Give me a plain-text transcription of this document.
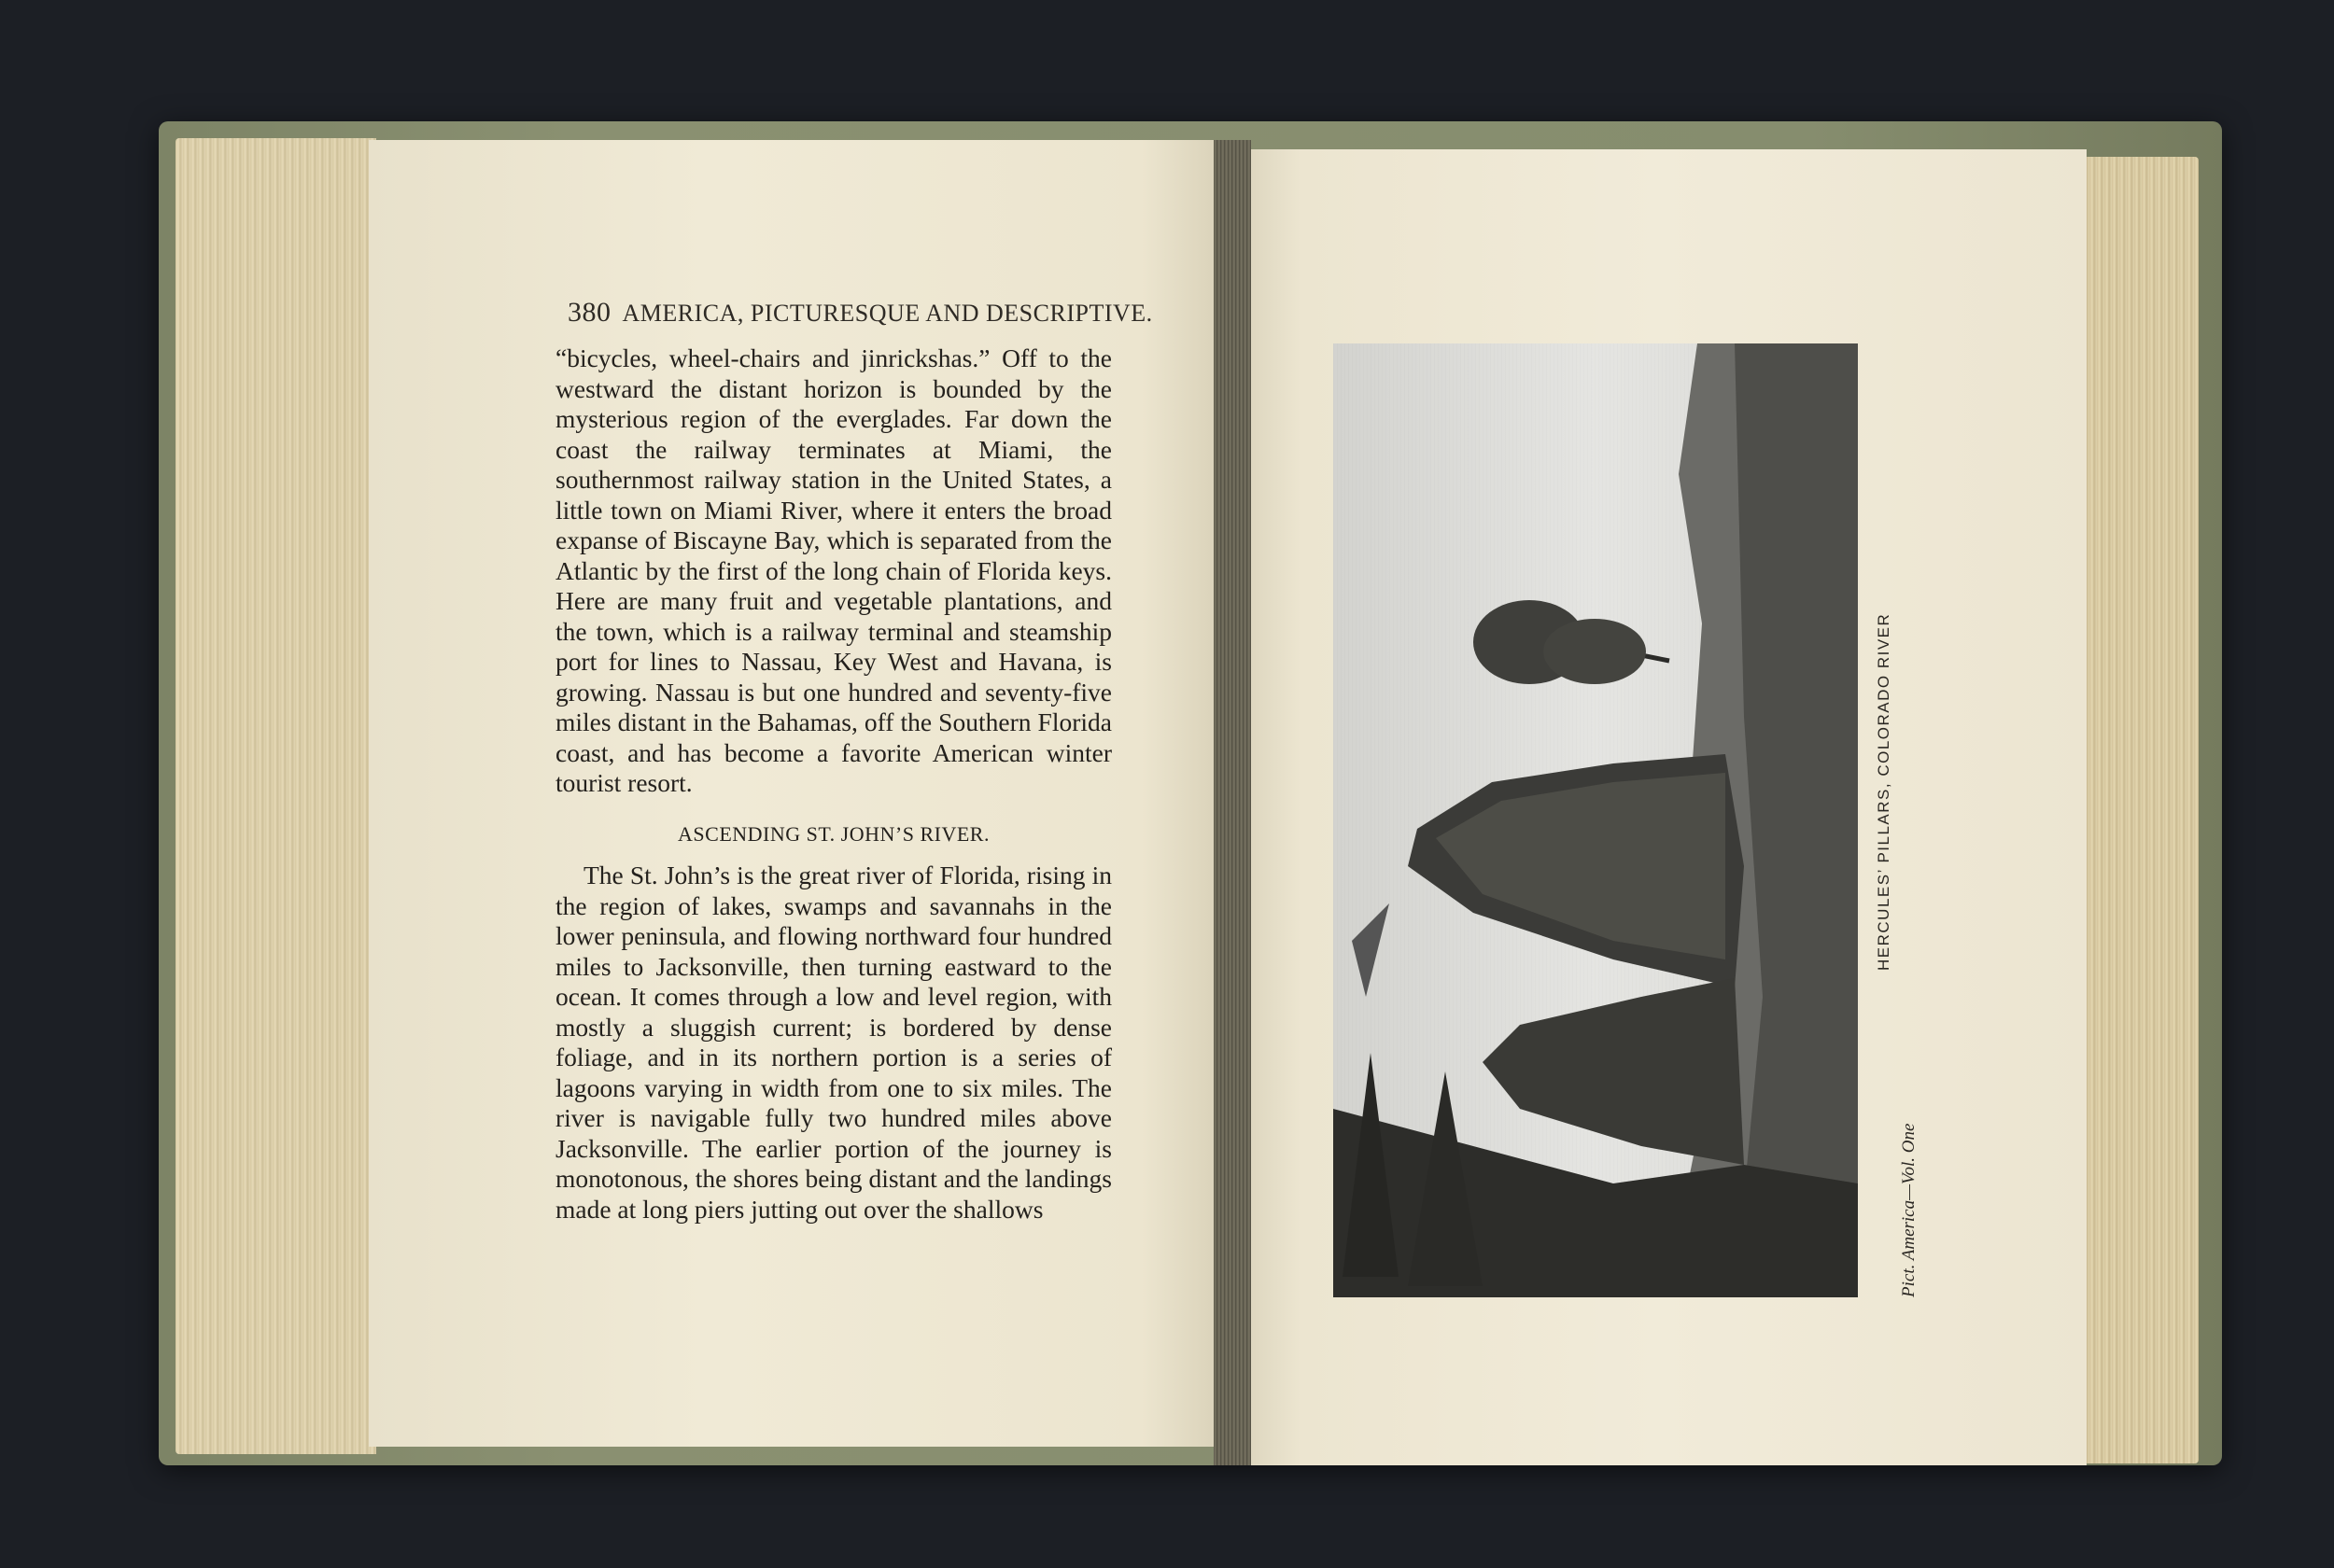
380 AMERICA, PICTURESQUE AND DESCRIPTIVE.

“bicycles, wheel-chairs and jinrickshas.” Off to the westward the distant horizon is bounded by the mysterious region of the everglades. Far down the coast the railway terminates at Miami, the southernmost railway station in the United States, a little town on Miami River, where it enters the broad expanse of Biscayne Bay, which is separated from the Atlantic by the first of the long chain of Florida keys. Here are many fruit and vegetable plantations, and the town, which is a railway terminal and steamship port for lines to Nassau, Key West and Havana, is growing. Nassau is but one hundred and seventy-five miles distant in the Bahamas, off the Southern Florida coast, and has become a favorite American winter tourist resort.

ASCENDING ST. JOHN’S RIVER.

The St. John’s is the great river of Florida, rising in the region of lakes, swamps and savannahs in the lower peninsula, and flowing northward four hundred miles to Jacksonville, then turning eastward to the ocean. It comes through a low and level region, with mostly a sluggish current; is bordered by dense foliage, and in its northern portion is a series of lagoons varying in width from one to six miles. The river is navigable fully two hundred miles above Jacksonville. The earlier portion of the journey is monotonous, the shores being distant and the landings made at long piers jutting out over the shallows

HERCULES’ PILLARS, COLORADO RIVER
Pict. America—Vol. One
